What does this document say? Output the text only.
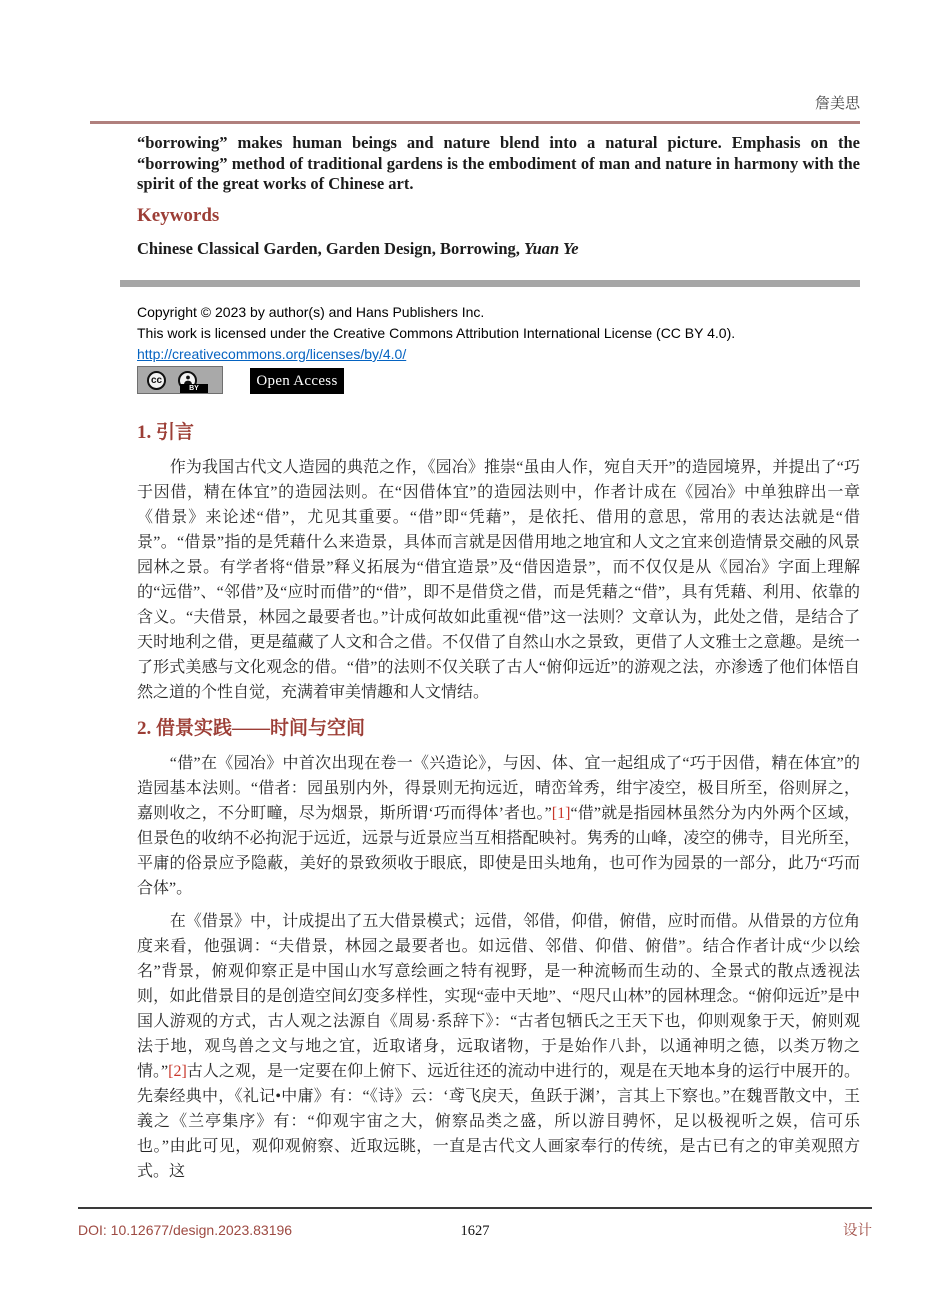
詹美思
“borrowing” makes human beings and nature blend into a natural picture. Emphasis on the “borrowing” method of traditional gardens is the embodiment of man and nature in harmony with the spirit of the great works of Chinese art.
Keywords

Chinese Classical Garden, Garden Design, Borrowing, Yuan Ye

Copyright © 2023 by author(s) and Hans Publishers Inc.
This work is licensed under the Creative Commons Attribution International License (CC BY 4.0).
http://creativecommons.org/licenses/by/4.0/
cc
BY	Open Access
1. 引言

作为我国古代文人造园的典范之作，《园冶》推崇“虽由人作，宛自天开”的造园境界，并提出了“巧于因借，精在体宜”的造园法则。在“因借体宜”的造园法则中，作者计成在《园冶》中单独辟出一章《借景》来论述“借”，尤见其重要。“借”即“凭藉”，是依托、借用的意思，常用的表达法就是“借景”。“借景”指的是凭藉什么来造景，具体而言就是因借用地之地宜和人文之宜来创造情景交融的风景园林之景。有学者将“借景”释义拓展为“借宜造景”及“借因造景”，而不仅仅是从《园冶》字面上理解的“远借”、“邻借”及“应时而借”的“借”，即不是借贷之借，而是凭藉之“借”，具有凭藉、利用、依靠的含义。“夫借景，林园之最要者也。”计成何故如此重视“借”这一法则？文章认为，此处之借，是结合了天时地利之借，更是蕴藏了人文和合之借。不仅借了自然山水之景致，更借了人文雅士之意趣。是统一了形式美感与文化观念的借。“借”的法则不仅关联了古人“俯仰远近”的游观之法，亦渗透了他们体悟自然之道的个性自觉，充满着审美情趣和人文情结。

2. 借景实践——时间与空间

“借”在《园冶》中首次出现在卷一《兴造论》，与因、体、宜一起组成了“巧于因借，精在体宜”的造园基本法则。“借者：园虽别内外，得景则无拘远近，晴峦耸秀，绀宇凌空，极目所至，俗则屏之，嘉则收之，不分町疃，尽为烟景，斯所谓‘巧而得体’者也。”[1]“借”就是指园林虽然分为内外两个区域，但景色的收纳不必拘泥于远近，远景与近景应当互相搭配映衬。隽秀的山峰，凌空的佛寺，目光所至，平庸的俗景应予隐蔽，美好的景致须收于眼底，即使是田头地角，也可作为园景的一部分，此乃“巧而合体”。

在《借景》中，计成提出了五大借景模式；远借，邻借，仰借，俯借，应时而借。从借景的方位角度来看，他强调：“夫借景，林园之最要者也。如远借、邻借、仰借、俯借”。结合作者计成“少以绘名”背景，俯观仰察正是中国山水写意绘画之特有视野，是一种流畅而生动的、全景式的散点透视法则，如此借景目的是创造空间幻变多样性，实现“壶中天地”、“咫尺山林”的园林理念。“俯仰远近”是中国人游观的方式，古人观之法源自《周易·系辞下》：“古者包牺氏之王天下也，仰则观象于天，俯则观法于地，观鸟兽之文与地之宜，近取诸身，远取诸物，于是始作八卦，以通神明之德，以类万物之情。”[2]古人之观，是一定要在仰上俯下、远近往还的流动中进行的，观是在天地本身的运行中展开的。先秦经典中，《礼记•中庸》有：“《诗》云：‘鸢飞戾天，鱼跃于渊’，言其上下察也。”在魏晋散文中，王義之《兰亭集序》有：“仰观宇宙之大，俯察品类之盛，所以游目骋怀，足以极视听之娱，信可乐也。”由此可见，观仰观俯察、近取远眺，一直是古代文人画家奉行的传统，是古已有之的审美观照方式。这

DOI: 10.12677/design.2023.83196	1627	设计
